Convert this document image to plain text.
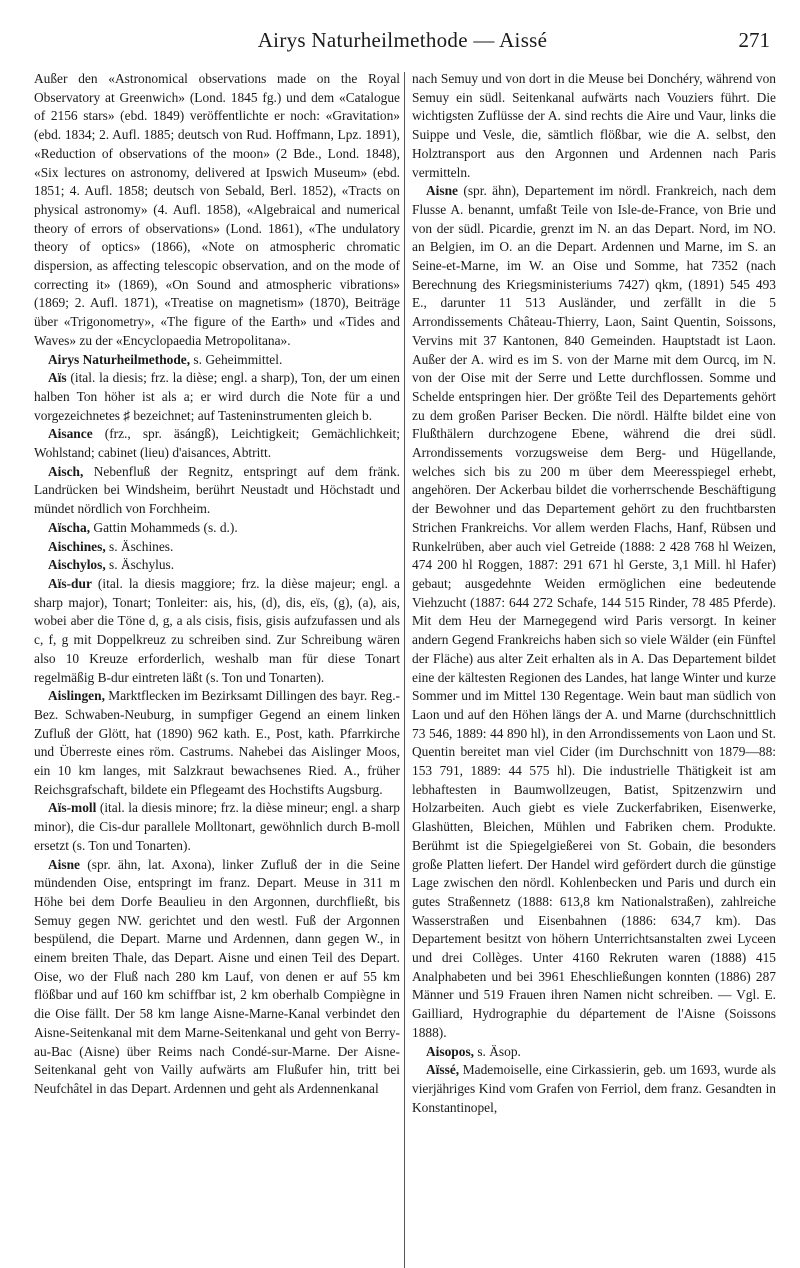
Airys Naturheilmethode — Aissé	271

Außer den «Astronomical observations made on the Royal Observatory at Greenwich» (Lond. 1845 fg.) und dem «Catalogue of 2156 stars» (ebd. 1849) veröffentlichte er noch: «Gravitation» (ebd. 1834; 2. Aufl. 1885; deutsch von Rud. Hoffmann, Lpz. 1891), «Reduction of observations of the moon» (2 Bde., Lond. 1848), «Six lectures on astronomy, delivered at Ipswich Museum» (ebd. 1851; 4. Aufl. 1858; deutsch von Sebald, Berl. 1852), «Tracts on physical astronomy» (4. Aufl. 1858), «Algebraical and numerical theory of errors of observations» (Lond. 1861), «The undulatory theory of optics» (1866), «Note on atmospheric chromatic dispersion, as affecting telescopic observation, and on the mode of correcting it» (1869), «On Sound and atmospheric vibrations» (1869; 2. Aufl. 1871), «Treatise on magnetism» (1870), Beiträge über «Trigonometry», «The figure of the Earth» und «Tides and Waves» zu der «Encyclopaedia Metropolitana».

Airys Naturheilmethode, s. Geheimmittel.

Aïs (ital. la diesis; frz. la dièse; engl. a sharp), Ton, der um einen halben Ton höher ist als a; er wird durch die Note für a und vorgezeichnetes ♯ bezeichnet; auf Tasteninstrumenten gleich b.

Aisance (frz., spr. äsángß), Leichtigkeit; Gemächlichkeit; Wohlstand; cabinet (lieu) d'aisances, Abtritt.

Aisch, Nebenfluß der Regnitz, entspringt auf dem fränk. Landrücken bei Windsheim, berührt Neustadt und Höchstadt und mündet nördlich von Forchheim.

Aïscha, Gattin Mohammeds (s. d.).

Aischines, s. Äschines.

Aischylos, s. Äschylus.

Aïs-dur (ital. la diesis maggiore; frz. la dièse majeur; engl. a sharp major), Tonart; Tonleiter: ais, his, (d), dis, eïs, (g), (a), ais, wobei aber die Töne d, g, a als cisis, fisis, gisis aufzufassen und als c, f, g mit Doppelkreuz zu schreiben sind. Zur Schreibung wären also 10 Kreuze erforderlich, weshalb man für diese Tonart regelmäßig B-dur eintreten läßt (s. Ton und Tonarten).

Aislingen, Marktflecken im Bezirksamt Dillingen des bayr. Reg.-Bez. Schwaben-Neuburg, in sumpfiger Gegend an einem linken Zufluß der Glött, hat (1890) 962 kath. E., Post, kath. Pfarrkirche und Überreste eines röm. Castrums. Nahebei das Aislinger Moos, ein 10 km langes, mit Salzkraut bewachsenes Ried. A., früher Reichsgrafschaft, bildete ein Pflegeamt des Hochstifts Augsburg.

Aïs-moll (ital. la diesis minore; frz. la dièse mineur; engl. a sharp minor), die Cis-dur parallele Molltonart, gewöhnlich durch B-moll ersetzt (s. Ton und Tonarten).

Aisne (spr. ähn, lat. Axona), linker Zufluß der in die Seine mündenden Oise, entspringt im franz. Depart. Meuse in 311 m Höhe bei dem Dorfe Beaulieu in den Argonnen, durchfließt, bis Semuy gegen NW. gerichtet und den westl. Fuß der Argonnen bespülend, die Depart. Marne und Ardennen, dann gegen W., in einem breiten Thale, das Depart. Aisne und einen Teil des Depart. Oise, wo der Fluß nach 280 km Lauf, von denen er auf 55 km flößbar und auf 160 km schiffbar ist, 2 km oberhalb Compiègne in die Oise fällt. Der 58 km lange Aisne-Marne-Kanal verbindet den Aisne-Seitenkanal mit dem Marne-Seitenkanal und geht von Berry-au-Bac (Aisne) über Reims nach Condé-sur-Marne. Der Aisne-Seitenkanal geht von Vailly aufwärts am Flußufer hin, tritt bei Neufchâtel in das Depart. Ardennen und geht als Ardennenkanal

nach Semuy und von dort in die Meuse bei Donchéry, während von Semuy ein südl. Seitenkanal aufwärts nach Vouziers führt. Die wichtigsten Zuflüsse der A. sind rechts die Aire und Vaur, links die Suippe und Vesle, die, sämtlich flößbar, wie die A. selbst, den Holztransport aus den Argonnen und Ardennen nach Paris vermitteln.

Aisne (spr. ähn), Departement im nördl. Frankreich, nach dem Flusse A. benannt, umfaßt Teile von Isle-de-France, von Brie und von der südl. Picardie, grenzt im N. an das Depart. Nord, im NO. an Belgien, im O. an die Depart. Ardennen und Marne, im S. an Seine-et-Marne, im W. an Oise und Somme, hat 7352 (nach Berechnung des Kriegsministeriums 7427) qkm, (1891) 545 493 E., darunter 11 513 Ausländer, und zerfällt in die 5 Arrondissements Château-Thierry, Laon, Saint Quentin, Soissons, Vervins mit 37 Kantonen, 840 Gemeinden. Hauptstadt ist Laon. Außer der A. wird es im S. von der Marne mit dem Ourcq, im N. von der Oise mit der Serre und Lette durchflossen. Somme und Schelde entspringen hier. Der größte Teil des Departements gehört zu dem großen Pariser Becken. Die nördl. Hälfte bildet eine von Flußthälern durchzogene Ebene, während die drei südl. Arrondissements vorzugsweise dem Berg- und Hügellande, welches sich bis zu 200 m über dem Meeresspiegel erhebt, angehören. Der Ackerbau bildet die vorherrschende Beschäftigung der Bewohner und das Departement gehört zu den fruchtbarsten Strichen Frankreichs. Vor allem werden Flachs, Hanf, Rübsen und Runkelrüben, aber auch viel Getreide (1888: 2 428 768 hl Weizen, 474 200 hl Roggen, 1887: 291 671 hl Gerste, 3,1 Mill. hl Hafer) gebaut; ausgedehnte Weiden ermöglichen eine bedeutende Viehzucht (1887: 644 272 Schafe, 144 515 Rinder, 78 485 Pferde). Mit dem Heu der Marnegegend wird Paris versorgt. In keiner andern Gegend Frankreichs haben sich so viele Wälder (ein Fünftel der Fläche) aus alter Zeit erhalten als in A. Das Departement bildet eine der kältesten Regionen des Landes, hat lange Winter und kurze Sommer und im Mittel 130 Regentage. Wein baut man südlich von Laon und auf den Höhen längs der A. und Marne (durchschnittlich 73 546, 1889: 44 890 hl), in den Arrondissements von Laon und St. Quentin bereitet man viel Cider (im Durchschnitt von 1879—88: 153 791, 1889: 44 575 hl). Die industrielle Thätigkeit ist am lebhaftesten in Baumwollzeugen, Batist, Spitzenzwirn und Holzarbeiten. Auch giebt es viele Zuckerfabriken, Eisenwerke, Glashütten, Bleichen, Mühlen und Fabriken chem. Produkte. Berühmt ist die Spiegelgießerei von St. Gobain, die besonders große Platten liefert. Der Handel wird gefördert durch die günstige Lage zwischen den nördl. Kohlenbecken und Paris und durch ein gutes Straßennetz (1888: 613,8 km Nationalstraßen), zahlreiche Wasserstraßen und Eisenbahnen (1886: 634,7 km). Das Departement besitzt von höhern Unterrichtsanstalten zwei Lyceen und drei Collèges. Unter 4160 Rekruten waren (1888) 415 Analphabeten und bei 3961 Eheschließungen konnten (1886) 287 Männer und 519 Frauen ihren Namen nicht schreiben. — Vgl. E. Gailliard, Hydrographie du département de l'Aisne (Soissons 1888).

Aisopos, s. Äsop.

Aïssé, Mademoiselle, eine Cirkassierin, geb. um 1693, wurde als vierjähriges Kind vom Grafen von Ferriol, dem franz. Gesandten in Konstantinopel,
